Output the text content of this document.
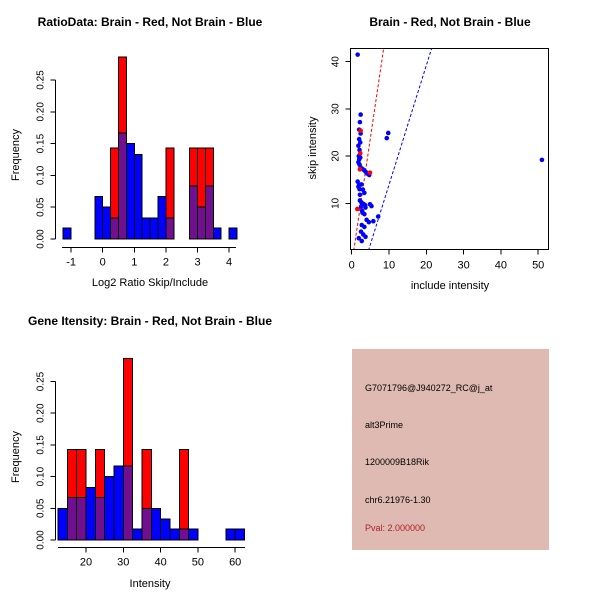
-1 0 1 2 3 4
0.00
0.05
0.10
0.15
0.20
0.25
Frequency
20 30 40 50 60
0.00
0.05
0.10
0.15
0.20
0.25
Frequency
0	10 20 30 40 50
10
20
30
40
skip intensity
RatioData: Brain - Red, Not Brain - Blue	Brain - Red, Not Brain - Blue
Gene Itensity: Brain - Red, Not Brain - Blue
Log2 Ratio Skip/Include	include intensity
Intensity
G7071796@J940272_RC@j_at
alt3Prime
1200009B18Rik
chr6.21976-1.30
Pval: 2.000000
